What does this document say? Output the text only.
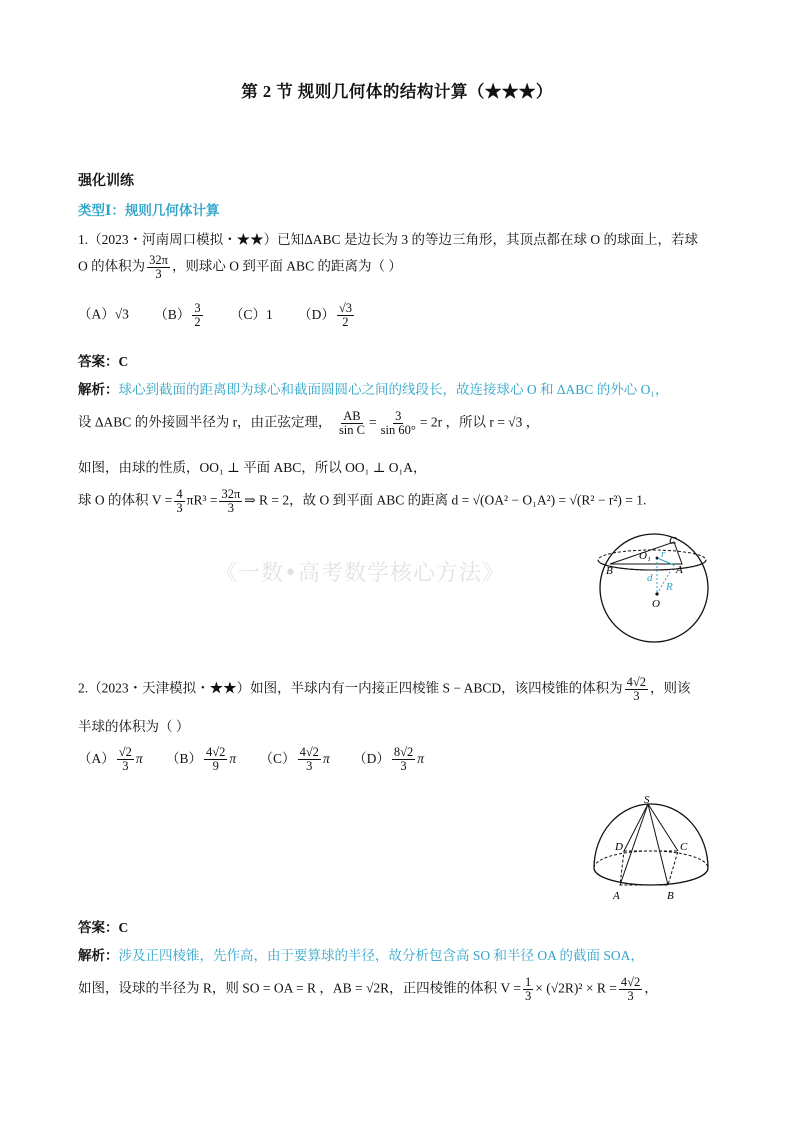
第 2 节 规则几何体的结构计算（★★★）
强化训练
类型Ⅰ：规则几何体计算
1.（2023・河南周口模拟・★★）已知ΔABC 是边长为 3 的等边三角形，其顶点都在球 O 的球面上，若球
O 的体积为 $\frac{32\pi}{3}$ ，则球心 O 到平面 ABC 的距离为（ ）
（A）√3 $(B) \frac{3}{2} (C)1$ $(D) \frac{√3}{2}$
答案：C
解析：球心到截面的距离即为球心和截面圆圆心之间的线段长，故连接球心 O 和 ΔABC 的外心 O₁，
设 ΔABC 的外接圆半径为 r，由正弦定理， $\frac{AB}{\text{sin C}} = \frac{3}{\sin 60^\circ} = 2r$ ，所以 r = √3 ，
如图，由球的性质，OO₁ ⊥ 平面 ABC，所以 OO₁ ⊥ O₁A，
球 O 的体积 $V = \frac{4}{3} \pi R^3 = \frac{32\pi}{3}$ ⇒ R = 2，故 O 到平面 ABC 的距离 d = √(OA² − O₁A²) = √(R² − r²) = 1.
《一数•高考数学核心方法》
C
O₁ r
B	A
d
R
O
2.（2023・天津模拟・★★）如图，半球内有一内接正四棱锥 S − ABCD，该四棱锥的体积为 $\frac{4√2}{3}$ ，则该
半球的体积为（ ）
$(A) \frac{√2}{3}$ π $(B) \frac{4√2}{9}$ π $(C) \frac{4√2}{3}$ π $(D) \frac{8√2}{3}$ π
S
D	C
A	B
答案：C
解析：涉及正四棱锥，先作高，由于要算球的半径，故分析包含高 SO 和半径 OA 的截面 SOA，
如图，设球的半径为 R，则 SO = OA = R ，AB = √2R，正四棱锥的体积 $V = \frac{1}{3} \times (√2R)^2 \times R = \frac{4√2}{3}$ ，
